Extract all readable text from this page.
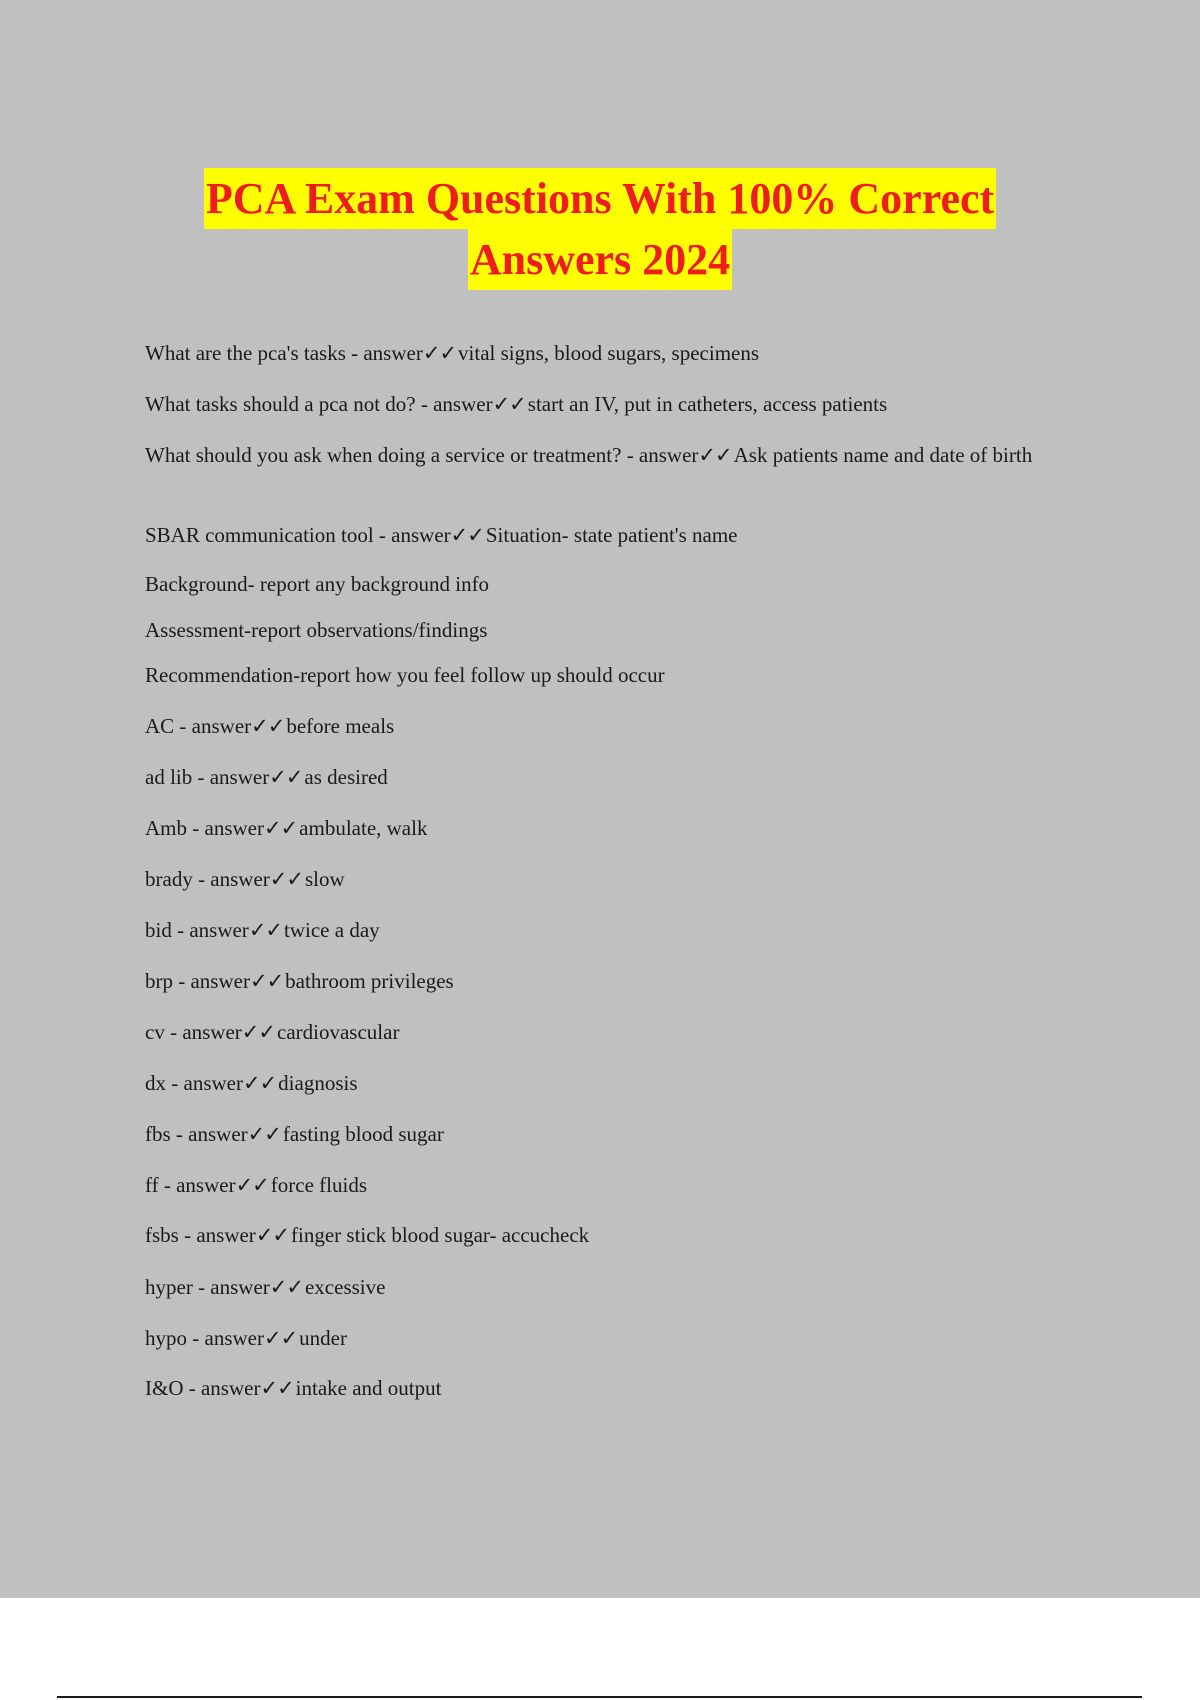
PCA Exam Questions With 100% Correct
Answers 2024
What are the pca's tasks - answer✓✓vital signs, blood sugars, specimens
What tasks should a pca not do? - answer✓✓start an IV, put in catheters, access patients
What should you ask when doing a service or treatment? - answer✓✓Ask patients name and date of birth
SBAR communication tool - answer✓✓Situation- state patient's name
Background- report any background info
Assessment-report observations/findings
Recommendation-report how you feel follow up should occur
AC - answer✓✓before meals
ad lib - answer✓✓as desired
Amb - answer✓✓ambulate, walk
brady - answer✓✓slow
bid - answer✓✓twice a day
brp - answer✓✓bathroom privileges
cv - answer✓✓cardiovascular
dx - answer✓✓diagnosis
fbs - answer✓✓fasting blood sugar
ff - answer✓✓force fluids
fsbs - answer✓✓finger stick blood sugar- accucheck
hyper - answer✓✓excessive
hypo - answer✓✓under
I&O - answer✓✓intake and output
